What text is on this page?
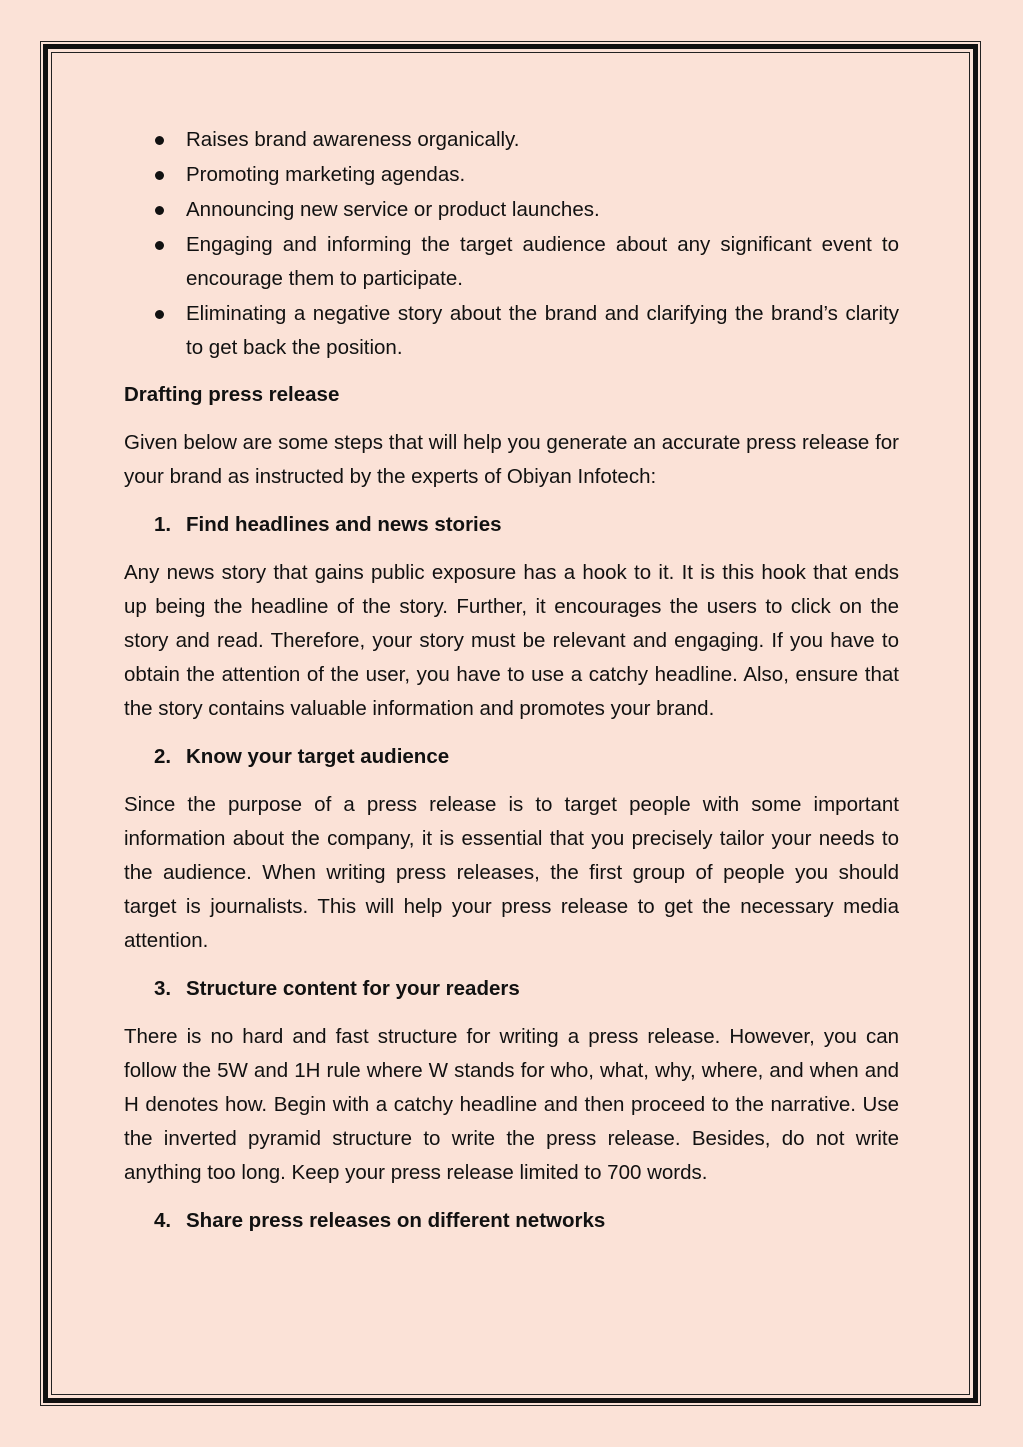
Raises brand awareness organically.
Promoting marketing agendas.
Announcing new service or product launches.
Engaging and informing the target audience about any significant event to encourage them to participate.
Eliminating a negative story about the brand and clarifying the brand’s clarity to get back the position.

Drafting press release

Given below are some steps that will help you generate an accurate press release for your brand as instructed by the experts of Obiyan Infotech:

1. Find headlines and news stories

Any news story that gains public exposure has a hook to it. It is this hook that ends up being the headline of the story. Further, it encourages the users to click on the story and read. Therefore, your story must be relevant and engaging. If you have to obtain the attention of the user, you have to use a catchy headline. Also, ensure that the story contains valuable information and promotes your brand.

2. Know your target audience

Since the purpose of a press release is to target people with some important information about the company, it is essential that you precisely tailor your needs to the audience. When writing press releases, the first group of people you should target is journalists. This will help your press release to get the necessary media attention.

3. Structure content for your readers

There is no hard and fast structure for writing a press release. However, you can follow the 5W and 1H rule where W stands for who, what, why, where, and when and H denotes how. Begin with a catchy headline and then proceed to the narrative. Use the inverted pyramid structure to write the press release. Besides, do not write anything too long. Keep your press release limited to 700 words.

4. Share press releases on different networks
